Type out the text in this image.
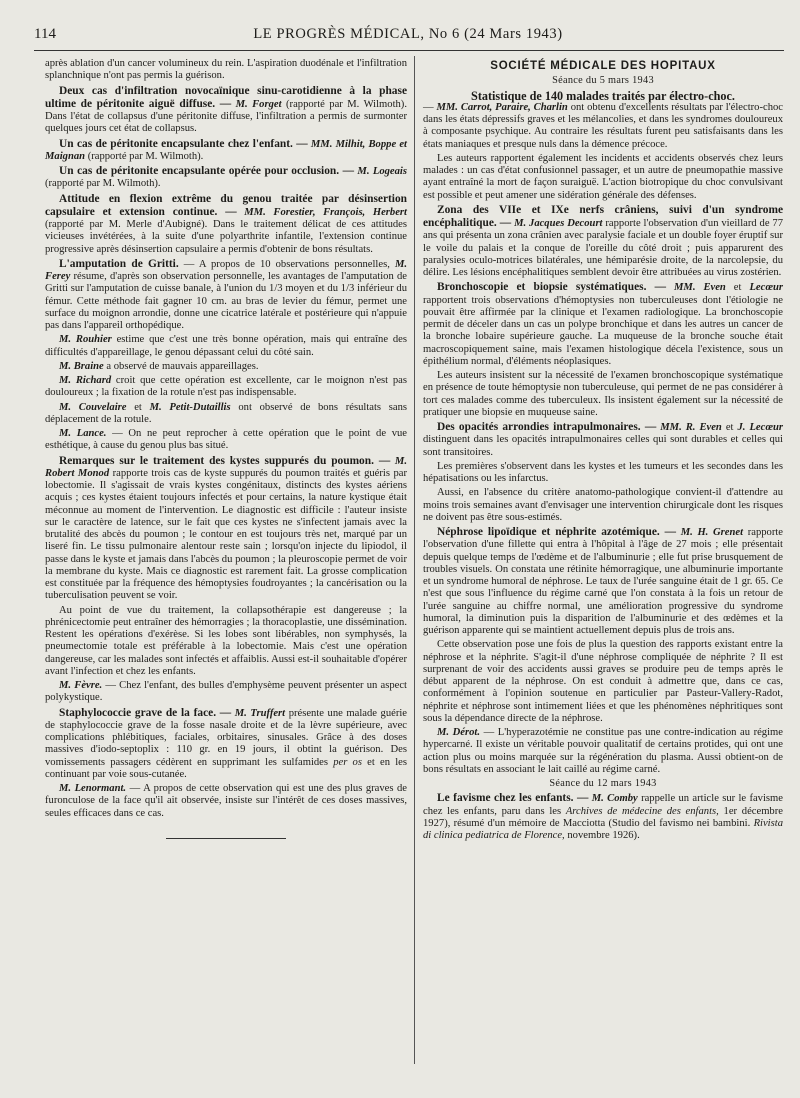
114	LE PROGRÈS MÉDICAL, No 6 (24 Mars 1943)

après ablation d'un cancer volumineux du rein. L'aspiration duodénale et l'infiltration splanchnique n'ont pas permis la guérison.

Deux cas d'infiltration novocaïnique sinu-carotidienne à la phase ultime de péritonite aiguë diffuse. — M. Forget (rapporté par M. Wilmoth). Dans l'état de collapsus d'une péritonite diffuse, l'infiltration a permis de surmonter quelques jours cet état de collapsus.

Un cas de péritonite encapsulante chez l'enfant. — MM. Milhit, Boppe et Maignan (rapporté par M. Wilmoth).

Un cas de péritonite encapsulante opérée pour occlusion. — M. Logeais (rapporté par M. Wilmoth).

Attitude en flexion extrême du genou traitée par désinsertion capsulaire et extension continue. — MM. Forestier, François, Herbert (rapporté par M. Merle d'Aubigné). Dans le traitement délicat de ces attitudes vicieuses invétérées, à la suite d'une polyarthrite infantile, l'extension continue progressive après désinsertion capsulaire a permis d'obtenir de bons résultats.

L'amputation de Gritti. — A propos de 10 observations personnelles, M. Ferey résume, d'après son observation personnelle, les avantages de l'amputation de Gritti sur l'amputation de cuisse banale, à l'union du 1/3 moyen et du 1/3 inférieur du fémur. Cette méthode fait gagner 10 cm. au bras de levier du fémur, permet une surface du moignon arrondie, donne une cicatrice latérale et postérieure qui n'appuie pas dans l'appareil orthopédique.

M. Rouhier estime que c'est une très bonne opération, mais qui entraîne des difficultés d'appareillage, le genou dépassant celui du côté sain.

M. Braine a observé de mauvais appareillages.

M. Richard croit que cette opération est excellente, car le moignon n'est pas douloureux ; la fixation de la rotule n'est pas indispensable.

M. Couvelaire et M. Petit-Dutaillis ont observé de bons résultats sans déplacement de la rotule.

M. Lance. — On ne peut reprocher à cette opération que le point de vue esthétique, à cause du genou plus bas situé.

Remarques sur le traitement des kystes suppurés du poumon. — M. Robert Monod rapporte trois cas de kyste suppurés du poumon traités et guéris par lobectomie. Il s'agissait de vrais kystes congénitaux, distincts des kystes aériens acquis ; ces kystes étaient toujours infectés et pour certains, la nature kystique était méconnue au moment de l'intervention. Le diagnostic est difficile : l'auteur insiste sur le caractère de latence, sur le fait que ces kystes ne s'infectent jamais avec la brutalité des abcès du poumon ; le contour en est toujours très net, marqué par un liseré fin. Le tissu pulmonaire alentour reste sain ; lorsqu'on injecte du lipiodol, il passe dans le kyste et jamais dans l'abcès du poumon ; la pleuroscopie permet de voir la membrane du kyste. Mais ce diagnostic est rarement fait. La grosse complication est constituée par la fréquence des hémoptysies foudroyantes ; la cancérisation ou la tuberculisation peuvent se voir.

Au point de vue du traitement, la collapsothérapie est dangereuse ; la phrénicectomie peut entraîner des hémorragies ; la thoracoplastie, une dissémination. Restent les opérations d'exérèse. Si les lobes sont libérables, non symphysés, la pneumectomie totale est préférable à la lobectomie. Mais c'est une opération dangereuse, car les malades sont infectés et affaiblis. Aussi est-il souhaitable d'opérer avant l'infection et chez les enfants.

M. Fèvre. — Chez l'enfant, des bulles d'emphysème peuvent présenter un aspect polykystique.

Staphylococcie grave de la face. — M. Truffert présente une malade guérie de staphylococcie grave de la fosse nasale droite et de la lèvre supérieure, avec complications phlébitiques, faciales, orbitaires, sinusales. Grâce à des doses massives d'iodo-septoplix : 110 gr. en 19 jours, il obtint la guérison. Des vomissements passagers cédèrent en supprimant les sulfamides per os et en les continuant par voie sous-cutanée.

M. Lenormant. — A propos de cette observation qui est une des plus graves de furonculose de la face qu'il ait observée, insiste sur l'intérêt de ces doses massives, seules efficaces dans ce cas.

SOCIÉTÉ MÉDICALE DES HOPITAUX
Séance du 5 mars 1943
Statistique de 140 malades traités par électro-choc.

— MM. Carrot, Paraire, Charlin ont obtenu d'excellents résultats par l'électro-choc dans les états dépressifs graves et les mélancolies, et dans les syndromes douloureux à composante psychique. Au contraire les résultats furent peu satisfaisants dans les états maniaques et presque nuls dans la démence précoce.

Les auteurs rapportent également les incidents et accidents observés chez leurs malades : un cas d'état confusionnel passager, et un autre de pneumopathie massive ayant entraîné la mort de façon suraiguë. L'action biotropique du choc convulsivant est possible et peut amener une sidération générale des défenses.

Zona des VIIe et IXe nerfs crâniens, suivi d'un syndrome encéphalitique. — M. Jacques Decourt rapporte l'observation d'un vieillard de 77 ans qui présenta un zona crânien avec paralysie faciale et un double foyer éruptif sur le voile du palais et la conque de l'oreille du côté droit ; puis apparurent des paralysies oculo-motrices bilatérales, une hémiparésie droite, de la narcolepsie, du délire. Les lésions encéphalitiques semblent devoir être attribuées au virus zostérien.

Bronchoscopie et biopsie systématiques. — MM. Even et Lecœur rapportent trois observations d'hémoptysies non tuberculeuses dont l'étiologie ne pouvait être affirmée par la clinique et l'examen radiologique. La bronchoscopie permit de déceler dans un cas un polype bronchique et dans les autres un cancer de la bronche lobaire supérieure gauche. La muqueuse de la bronche souche était macroscopiquement saine, mais l'examen histologique décela l'existence, sous un épithélium normal, d'éléments néoplasiques.

Les auteurs insistent sur la nécessité de l'examen bronchoscopique systématique en présence de toute hémoptysie non tuberculeuse, qui permet de ne pas considérer à tort ces malades comme des tuberculeux. Ils insistent également sur la nécessité de pratiquer une biopsie en muqueuse saine.

Des opacités arrondies intrapulmonaires. — MM. R. Even et J. Lecœur distinguent dans les opacités intrapulmonaires celles qui sont durables et celles qui sont transitoires.

Les premières s'observent dans les kystes et les tumeurs et les secondes dans les hépatisations ou les infarctus.

Aussi, en l'absence du critère anatomo-pathologique convient-il d'attendre au moins trois semaines avant d'envisager une intervention chirurgicale dont les risques ne doivent pas être sous-estimés.

Néphrose lipoïdique et néphrite azotémique. — M. H. Grenet rapporte l'observation d'une fillette qui entra à l'hôpital à l'âge de 27 mois ; elle présentait depuis quelque temps de l'œdème et de l'albuminurie ; elle fut prise brusquement de troubles visuels. On constata une rétinite hémorragique, une albuminurie importante et un syndrome humoral de néphrose. Le taux de l'urée sanguine était de 1 gr. 65. Ce n'est que sous l'influence du régime carné que l'on constata à la fois un retour de l'urée sanguine au chiffre normal, une amélioration progressive du syndrome humoral, la diminution puis la disparition de l'albuminurie et des œdèmes et la guérison apparente qui se maintient actuellement depuis plus de trois ans.

Cette observation pose une fois de plus la question des rapports existant entre la néphrose et la néphrite. S'agit-il d'une néphrose compliquée de néphrite ? Il est surprenant de voir des accidents aussi graves se produire peu de temps après le début apparent de la néphrose. On est conduit à admettre que, dans ce cas, conformément à l'opinion soutenue en particulier par Pasteur-Vallery-Radot, néphrite et néphrose sont intimement liées et que les phénomènes néphritiques sont sous la dépendance directe de la néphrose.

M. Dérot. — L'hyperazotémie ne constitue pas une contre-indication au régime hypercarné. Il existe un véritable pouvoir qualitatif de certains protides, qui ont une action plus ou moins marquée sur la régénération du plasma. Aussi obtient-on de bons résultats en associant le lait caillé au régime carné.

Séance du 12 mars 1943

Le favisme chez les enfants. — M. Comby rappelle un article sur le favisme chez les enfants, paru dans les Archives de médecine des enfants, 1er décembre 1927), résumé d'un mémoire de Macciotta (Studio del favismo nei bambini. Rivista di clinica pediatrica de Florence, novembre 1926).
